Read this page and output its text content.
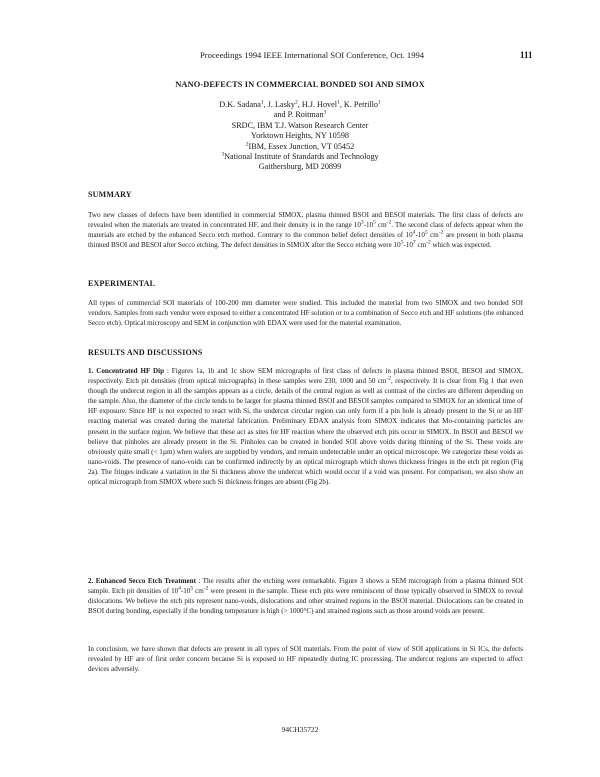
Proceedings 1994 IEEE International SOI Conference, Oct. 1994	111
NANO-DEFECTS IN COMMERCIAL BONDED SOI AND SIMOX
D.K. Sadana$^1$, J. Lasky$^2$, H.J. Hovel$^1$, K. Petrillo$^1$
and P. Roitman$^3$
SRDC, IBM T.J. Watson Research Center
Yorktown Heights, NY 10598
$^2$IBM, Essex Junction, VT 05452
$^3$National Institute of Standards and Technology
Gaithersburg, MD 20899
SUMMARY

Two new classes of defects have been identified in commercial SIMOX, plasma thinned BSOI and BESOI materials. The first class of defects are revealed when the materials are treated in concentrated HF, and their density is in the range $10^3-10^5$ $cm^{-2}$. The second class of defects appear when the materials are etched by the enhanced Secco etch method. Contrary to the common belief defect densities of $10^4-10^5$ $cm^{-2}$ are present in both plasma thinned BSOI and BESOI after Secco etching. The defect densities in SIMOX after the Secco etching were $10^5-10^7$ $cm^{-2}$ which was expected.

EXPERIMENTAL

All types of commercial SOI materials of 100-200 mm diameter were studied. This included the material from two SIMOX and two bonded SOI vendors. Samples from each vendor were exposed to either a concentrated HF solution or to a combination of Secco etch and HF solutions (the enhanced Secco etch). Optical microscopy and SEM in conjunction with EDAX were used for the material examination.

RESULTS AND DISCUSSIONS

1. Concentrated HF Dip : Figures 1a, 1b and 1c show SEM micrographs of first class of defects in plasma thinned BSOI, BESOI and SIMOX, respectively. Etch pit densities (from optical micrographs) in these samples were 230, 1000 and 50 $cm^{-2}$, respectively. It is clear from Fig 1 that even though the undercut region in all the samples appears as a circle, details of the central region as well as contrast of the circles are different depending on the sample. Also, the diameter of the circle tends to be larger for plasma thinned BSOI and BESOI samples compared to SIMOX for an identical time of HF exposure. Since HF is not expected to react with Si, the undercut circular region can only form if a pin hole is already present in the Si or an HF reacting material was created during the material fabrication. Preliminary EDAX analysis from SIMOX indicates that Mo-containing particles are present in the surface region. We believe that these act as sites for HF reaction where the observed etch pits occur in SIMOX. In BSOI and BESOI we believe that pinholes are already present in the Si. Pinholes can be created in bonded SOI above voids during thinning of the Si. These voids are obviously quite small (< 1µm) when wafers are supplied by vendors, and remain undetectable under an optical microscope. We categorize these voids as nano-voids. The presence of nano-voids can be confirmed indirectly by an optical micrograph which shows thickness fringes in the etch pit region (Fig 2a). The fringes indicate a variation in the Si thickness above the undercut which would occur if a void was present. For comparison, we also show an optical micrograph from SIMOX where such Si thickness fringes are absent (Fig 2b).

2. Enhanced Secco Etch Treatment : The results after the etching were remarkable. Figure 3 shows a SEM micrograph from a plasma thinned SOI sample. Etch pit densities of $10^4-10^5$ $cm^{-2}$ were present in the sample. These etch pits were reminiscent of those typically observed in SIMOX to reveal dislocations. We believe the etch pits represent nano-voids, dislocations and other strained regions in the BSOI material. Dislocations can be created in BSOI during bonding, especially if the bonding temperature is high (> 1000°C) and strained regions such as those around voids are present.

In conclusion, we have shown that defects are present in all types of SOI materials. From the point of view of SOI applications in Si ICs, the defects revealed by HF are of first order concern because Si is exposed to HF repeatedly during IC processing. The undercut regions are expected to affect devices adversely.

94CH35722
